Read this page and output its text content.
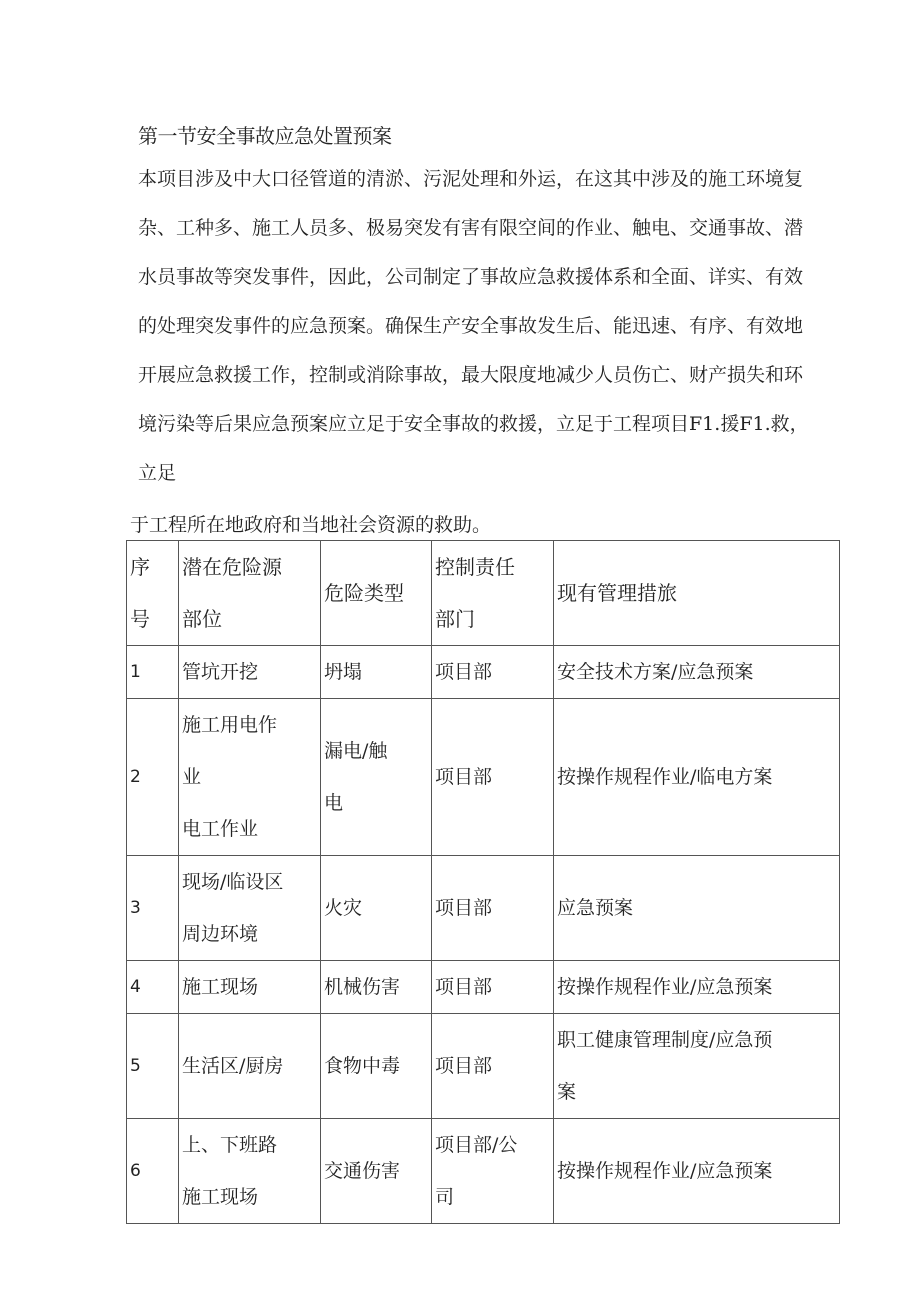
第一节安全事故应急处置预案
本项目涉及中大口径管道的清淤、污泥处理和外运，在这其中涉及的施工环境复
杂、工种多、施工人员多、极易突发有害有限空间的作业、触电、交通事故、潜
水员事故等突发事件，因此，公司制定了事故应急救援体系和全面、详实、有效
的处理突发事件的应急预案。确保生产安全事故发生后、能迅速、有序、有效地
开展应急救援工作，控制或消除事故，最大限度地减少人员伤亡、财产损失和环
境污染等后果应急预案应立足于安全事故的救援，立足于工程项目F1.援F1.救，
立足
于工程所在地政府和当地社会资源的救助。
序
号	潜在危险源
部位	危险类型	控制责任
部门	现有管理措旅

1	管坑开挖	坍塌	项目部	安全技术方案/应急预案

2	施工用电作
业
电工作业	漏电/触
电	项目部	按操作规程作业/临电方案

3	现场/临设区
周边环境	火灾	项目部	应急预案

4	施工现场	机械伤害	项目部	按操作规程作业/应急预案

5	生活区/厨房	食物中毒	项目部	职工健康管理制度/应急预
案

6	上、下班路
施工现场	交通伤害	项目部/公
司	按操作规程作业/应急预案
